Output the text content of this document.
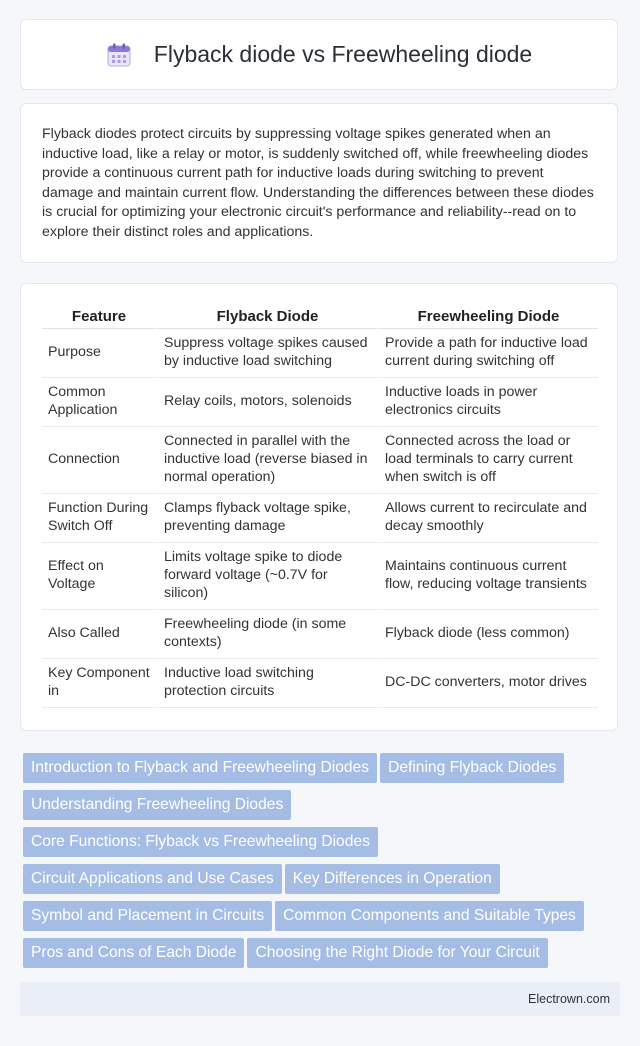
Flyback diode vs Freewheeling diode

Flyback diodes protect circuits by suppressing voltage spikes generated when an inductive load, like a relay or motor, is suddenly switched off, while freewheeling diodes provide a continuous current path for inductive loads during switching to prevent damage and maintain current flow. Understanding the differences between these diodes is crucial for optimizing your electronic circuit's performance and reliability--read on to explore their distinct roles and applications.

Feature	Flyback Diode	Freewheeling Diode
Purpose	Suppress voltage spikes caused by inductive load switching	Provide a path for inductive load current during switching off
Common Application	Relay coils, motors, solenoids	Inductive loads in power electronics circuits
Connection	Connected in parallel with the inductive load (reverse biased in normal operation)	Connected across the load or load terminals to carry current when switch is off
Function During Switch Off	Clamps flyback voltage spike, preventing damage	Allows current to recirculate and decay smoothly
Effect on Voltage	Limits voltage spike to diode forward voltage (~0.7V for silicon)	Maintains continuous current flow, reducing voltage transients
Also Called	Freewheeling diode (in some contexts)	Flyback diode (less common)
Key Component in	Inductive load switching protection circuits	DC-DC converters, motor drives
Introduction to Flyback and Freewheeling Diodes Defining Flyback Diodes
Understanding Freewheeling Diodes
Core Functions: Flyback vs Freewheeling Diodes
Circuit Applications and Use Cases Key Differences in Operation
Symbol and Placement in Circuits Common Components and Suitable Types
Pros and Cons of Each Diode Choosing the Right Diode for Your Circuit
Electrown.com
